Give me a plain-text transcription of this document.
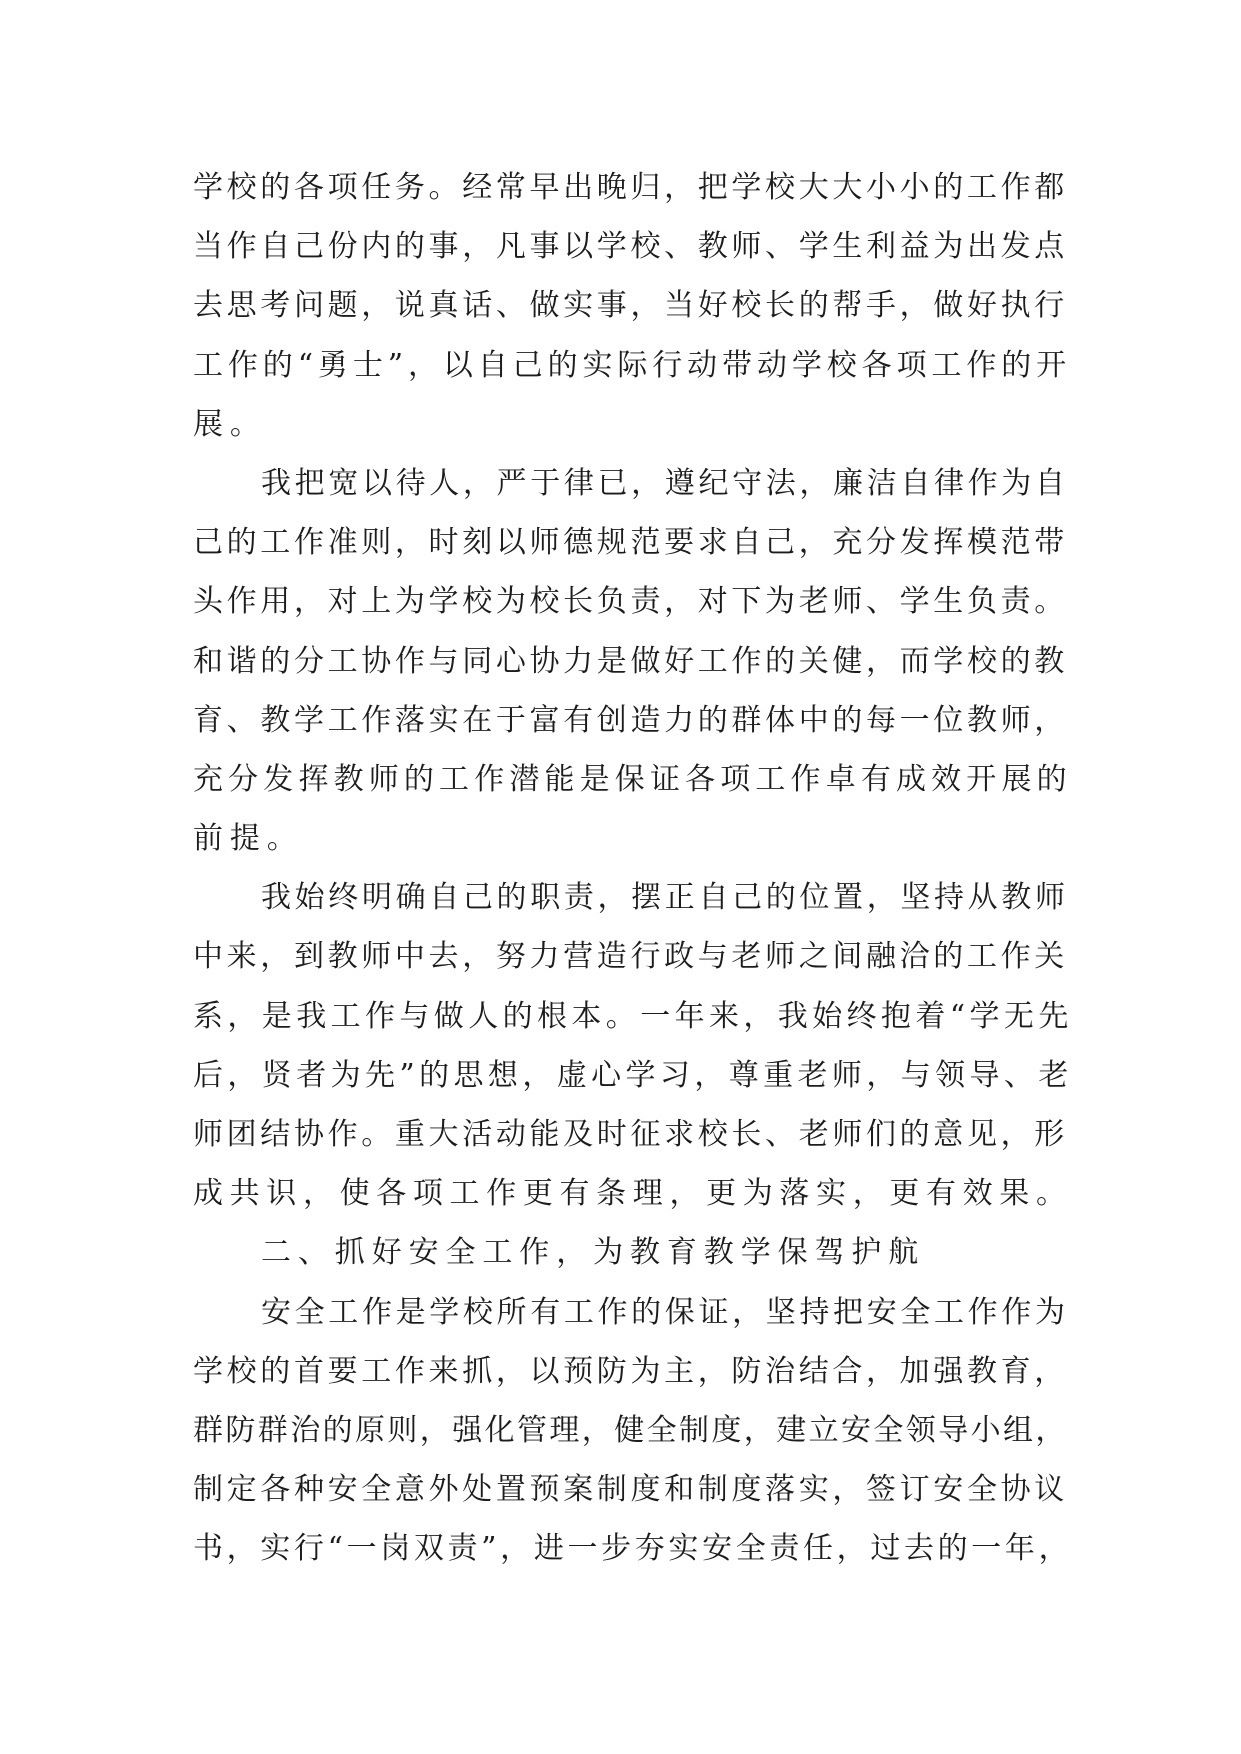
学校的各项任务。经常早出晚归，把学校大大小小的工作都
当作自己份内的事，凡事以学校、教师、学生利益为出发点
去思考问题，说真话、做实事，当好校长的帮手，做好执行
工作的“勇士”，以自己的实际行动带动学校各项工作的开
展。
我把宽以待人，严于律已，遵纪守法，廉洁自律作为自
己的工作准则，时刻以师德规范要求自己，充分发挥模范带
头作用，对上为学校为校长负责，对下为老师、学生负责。
和谐的分工协作与同心协力是做好工作的关健，而学校的教
育、教学工作落实在于富有创造力的群体中的每一位教师，
充分发挥教师的工作潜能是保证各项工作卓有成效开展的
前提。
我始终明确自己的职责，摆正自己的位置，坚持从教师
中来，到教师中去，努力营造行政与老师之间融洽的工作关
系，是我工作与做人的根本。一年来，我始终抱着“学无先
后，贤者为先”的思想，虚心学习，尊重老师，与领导、老
师团结协作。重大活动能及时征求校长、老师们的意见，形
成共识，使各项工作更有条理，更为落实，更有效果。
二、抓好安全工作，为教育教学保驾护航
安全工作是学校所有工作的保证，坚持把安全工作作为
学校的首要工作来抓，以预防为主，防治结合，加强教育，
群防群治的原则，强化管理，健全制度，建立安全领导小组，
制定各种安全意外处置预案制度和制度落实，签订安全协议
书，实行“一岗双责”，进一步夯实安全责任，过去的一年，
